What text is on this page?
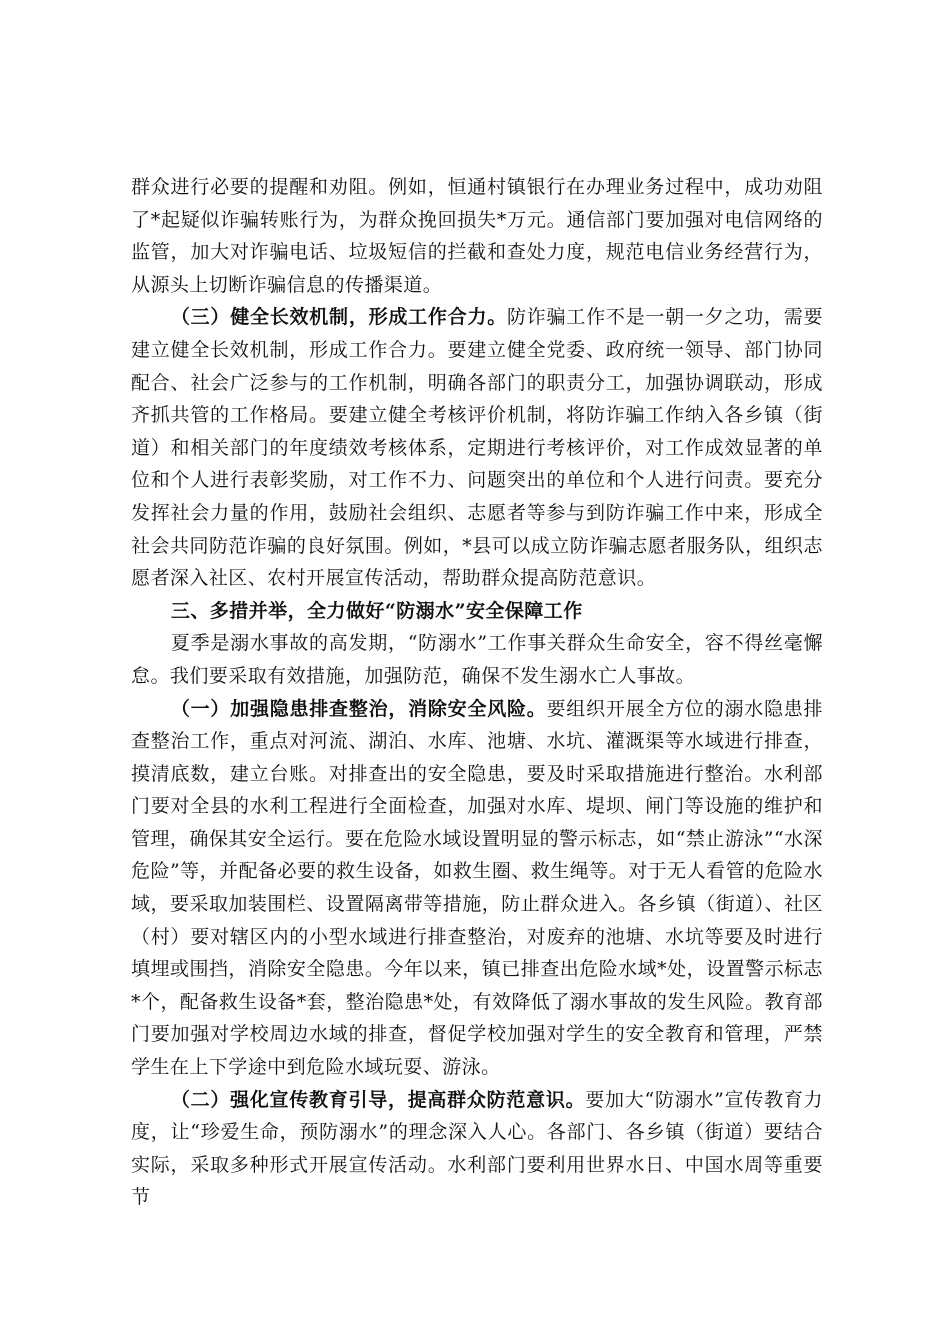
群众进行必要的提醒和劝阻。例如，恒通村镇银行在办理业务过程中，成功劝阻了*起疑似诈骗转账行为，为群众挽回损失*万元。通信部门要加强对电信网络的监管，加大对诈骗电话、垃圾短信的拦截和查处力度，规范电信业务经营行为，从源头上切断诈骗信息的传播渠道。

（三）健全长效机制，形成工作合力。防诈骗工作不是一朝一夕之功，需要建立健全长效机制，形成工作合力。要建立健全党委、政府统一领导、部门协同配合、社会广泛参与的工作机制，明确各部门的职责分工，加强协调联动，形成齐抓共管的工作格局。要建立健全考核评价机制，将防诈骗工作纳入各乡镇（街道）和相关部门的年度绩效考核体系，定期进行考核评价，对工作成效显著的单位和个人进行表彰奖励，对工作不力、问题突出的单位和个人进行问责。要充分发挥社会力量的作用，鼓励社会组织、志愿者等参与到防诈骗工作中来，形成全社会共同防范诈骗的良好氛围。例如，*县可以成立防诈骗志愿者服务队，组织志愿者深入社区、农村开展宣传活动，帮助群众提高防范意识。

三、多措并举，全力做好“防溺水”安全保障工作

夏季是溺水事故的高发期，“防溺水”工作事关群众生命安全，容不得丝毫懈怠。我们要采取有效措施，加强防范，确保不发生溺水亡人事故。

（一）加强隐患排查整治，消除安全风险。要组织开展全方位的溺水隐患排查整治工作，重点对河流、湖泊、水库、池塘、水坑、灌溉渠等水域进行排查，摸清底数，建立台账。对排查出的安全隐患，要及时采取措施进行整治。水利部门要对全县的水利工程进行全面检查，加强对水库、堤坝、闸门等设施的维护和管理，确保其安全运行。要在危险水域设置明显的警示标志，如“禁止游泳”“水深危险”等，并配备必要的救生设备，如救生圈、救生绳等。对于无人看管的危险水域，要采取加装围栏、设置隔离带等措施，防止群众进入。各乡镇（街道）、社区（村）要对辖区内的小型水域进行排查整治，对废弃的池塘、水坑等要及时进行填埋或围挡，消除安全隐患。今年以来，镇已排查出危险水域*处，设置警示标志*个，配备救生设备*套，整治隐患*处，有效降低了溺水事故的发生风险。教育部门要加强对学校周边水域的排查，督促学校加强对学生的安全教育和管理，严禁学生在上下学途中到危险水域玩耍、游泳。

（二）强化宣传教育引导，提高群众防范意识。要加大“防溺水”宣传教育力度，让“珍爱生命，预防溺水”的理念深入人心。各部门、各乡镇（街道）要结合实际，采取多种形式开展宣传活动。水利部门要利用世界水日、中国水周等重要节
